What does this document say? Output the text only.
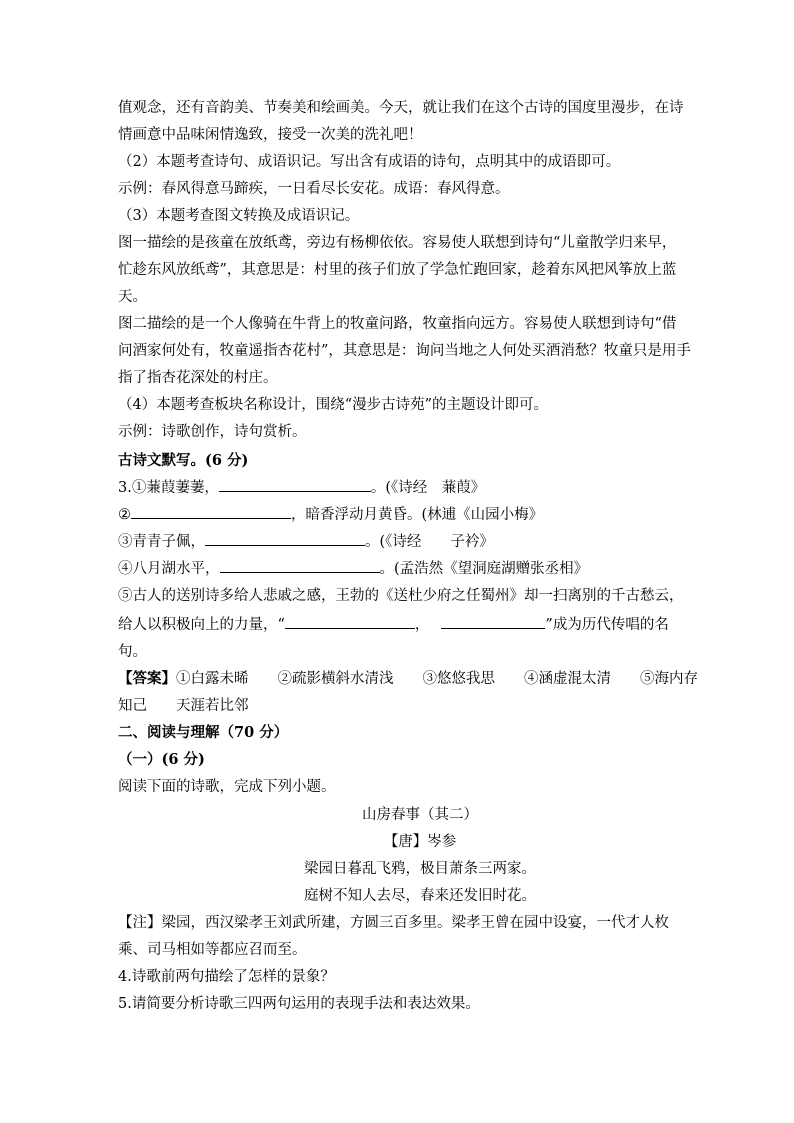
值观念，还有音韵美、节奏美和绘画美。今天，就让我们在这个古诗的国度里漫步，在诗
情画意中品味闲情逸致，接受一次美的洗礼吧！
（2）本题考查诗句、成语识记。写出含有成语的诗句，点明其中的成语即可。
示例：春风得意马蹄疾，一日看尽长安花。成语：春风得意。
（3）本题考查图文转换及成语识记。
图一描绘的是孩童在放纸鸢，旁边有杨柳依依。容易使人联想到诗句“儿童散学归来早，
忙趁东风放纸鸢”，其意思是：村里的孩子们放了学急忙跑回家，趁着东风把风筝放上蓝
天。
图二描绘的是一个人像骑在牛背上的牧童问路，牧童指向远方。容易使人联想到诗句“借
问酒家何处有，牧童遥指杏花村”，其意思是：询问当地之人何处买酒消愁？牧童只是用手
指了指杏花深处的村庄。
（4）本题考查板块名称设计，围绕“漫步古诗苑”的主题设计即可。
示例：诗歌创作，诗句赏析。
古诗文默写。(6 分)
3.①蒹葭萋萋，	。(《诗经　蒹葭》
②	，暗香浮动月黄昏。(林逋《山园小梅》
③青青子佩，	。(《诗经　　子衿》
④八月湖水平，	。(孟浩然《望洞庭湖赠张丞相》
⑤古人的送别诗多给人悲戚之感，王勃的《送杜少府之任蜀州》却一扫离别的千古愁云，
给人以积极向上的力量，“	，	”成为历代传唱的名
句。
【答案】①白露未晞　　②疏影横斜水清浅　　③悠悠我思　　④涵虚混太清　　⑤海内存
知己　　天涯若比邻
二、阅读与理解（70 分）
（一）(6 分)
阅读下面的诗歌，完成下列小题。
山房春事（其二）
【唐】岑参
梁园日暮乱飞鸦，极目萧条三两家。
庭树不知人去尽，春来还发旧时花。
【注】梁园，西汉梁孝王刘武所建，方圆三百多里。梁孝王曾在园中设宴，一代才人枚
乘、司马相如等都应召而至。
4.诗歌前两句描绘了怎样的景象？
5.请简要分析诗歌三四两句运用的表现手法和表达效果。
